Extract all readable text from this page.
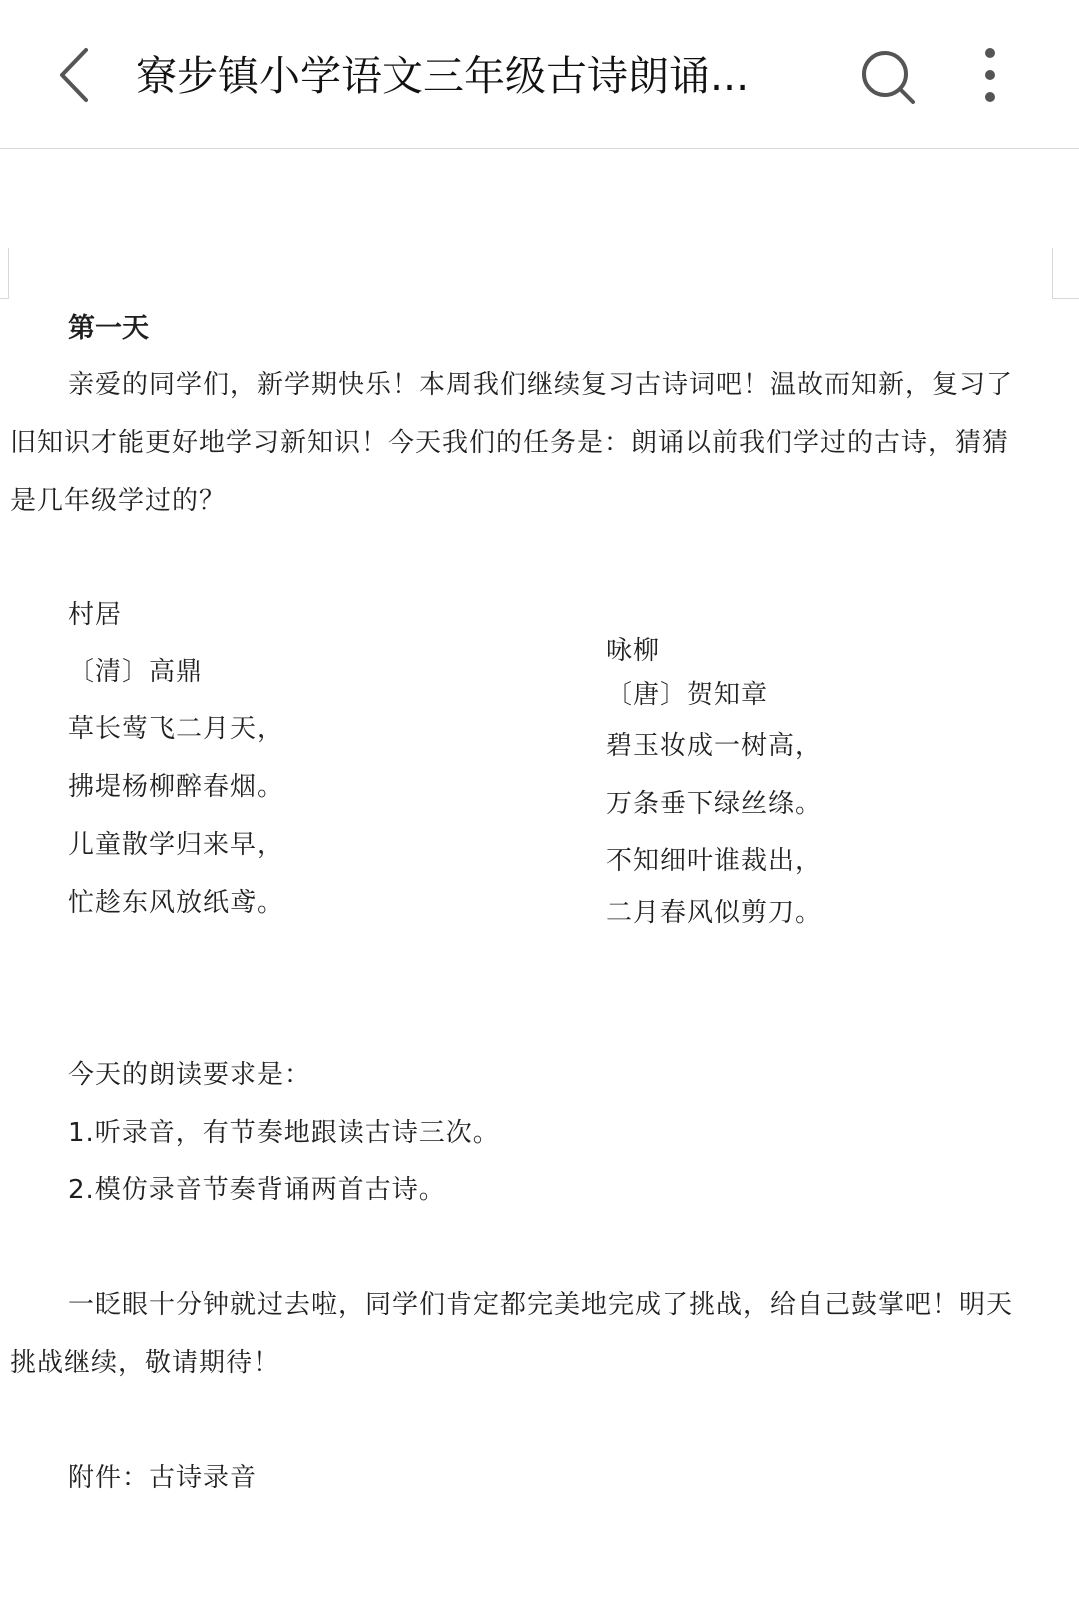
寮步镇小学语文三年级古诗朗诵...
第一天

亲爱的同学们，新学期快乐！本周我们继续复习古诗词吧！温故而知新，复习了旧知识才能更好地学习新知识！今天我们的任务是：朗诵以前我们学过的古诗，猜猜是几年级学过的？

村居
〔清〕高鼎
草长莺飞二月天，
拂堤杨柳醉春烟。
儿童散学归来早，
忙趁东风放纸鸢。
咏柳
〔唐〕贺知章
碧玉妆成一树高，
万条垂下绿丝绦。
不知细叶谁裁出，
二月春风似剪刀。
今天的朗读要求是：
1.听录音，有节奏地跟读古诗三次。
2.模仿录音节奏背诵两首古诗。

一眨眼十分钟就过去啦，同学们肯定都完美地完成了挑战，给自己鼓掌吧！明天挑战继续，敬请期待！

附件：古诗录音
